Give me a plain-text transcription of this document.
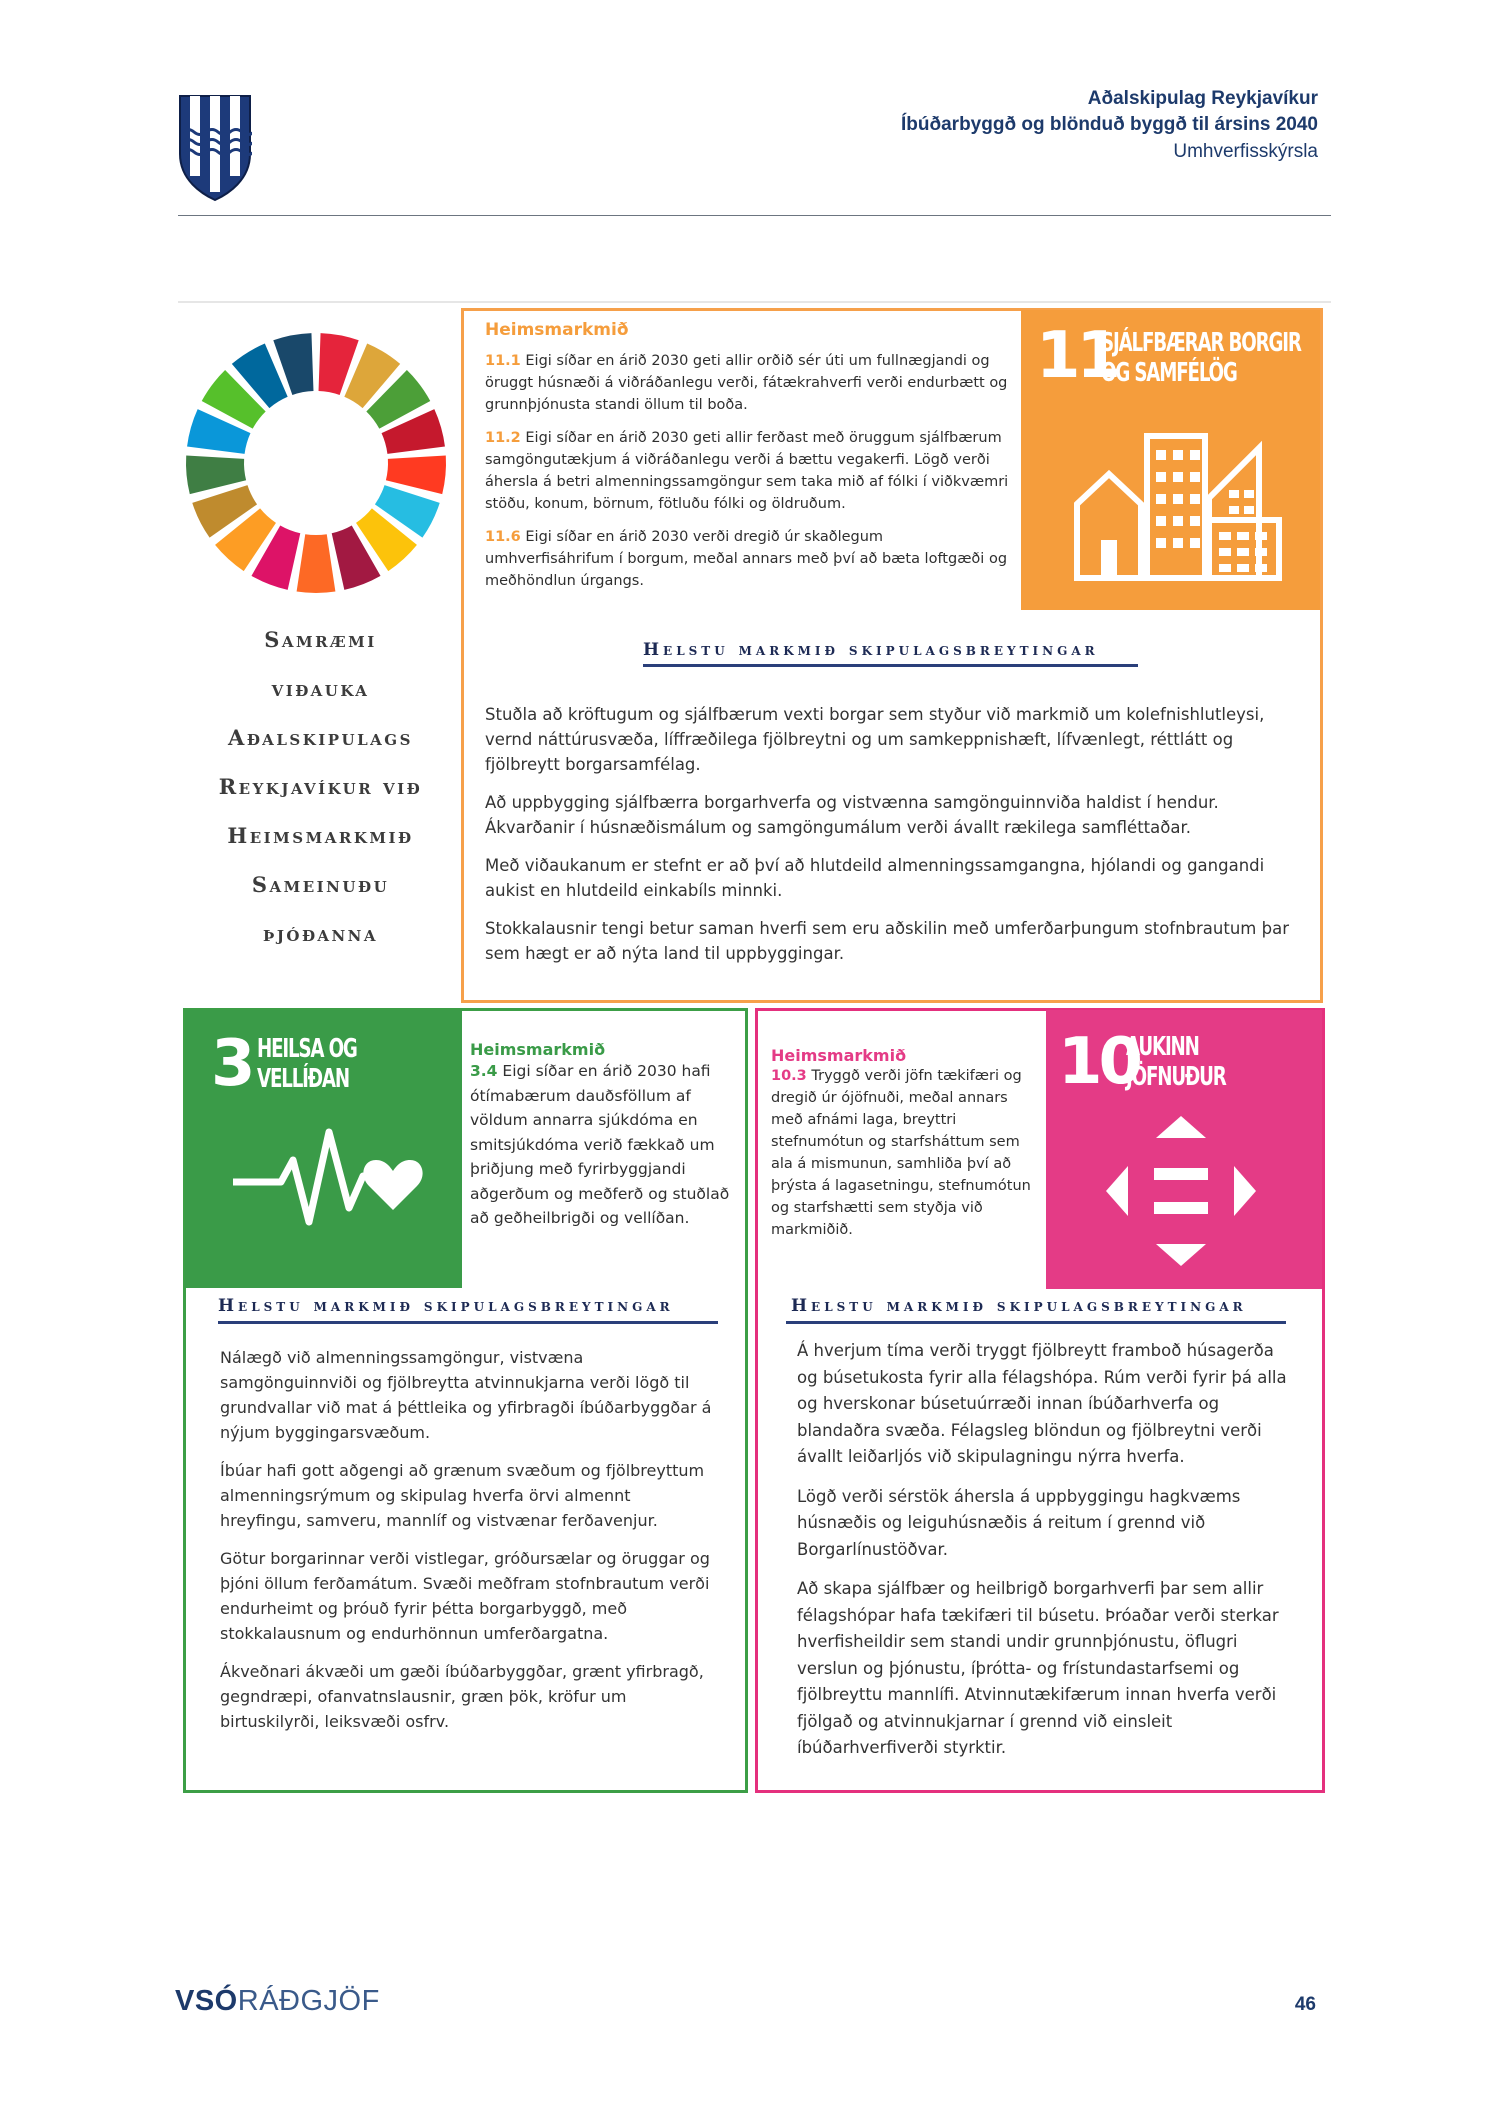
Aðalskipulag Reykjavíkur
Íbúðarbyggð og blönduð byggð til ársins 2040
Umhverfisskýrsla
Samræmi
viðauka
Aðalskipulags
Reykjavíkur við
Heimsmarkmið
Sameinuðu
þjóðanna
11
SJÁLFBÆRAR BORGIR
OG SAMFÉLÖG
Heimsmarkmið

11.1 Eigi síðar en árið 2030 geti allir orðið sér úti um fullnægjandi og öruggt húsnæði á viðráðanlegu verði, fátækrahverfi verði endurbætt og grunnþjónusta standi öllum til boða.

11.2 Eigi síðar en árið 2030 geti allir ferðast með öruggum sjálfbærum samgöngutækjum á viðráðanlegu verði á bættu vegakerfi. Lögð verði áhersla á betri almenningssamgöngur sem taka mið af fólki í viðkvæmri stöðu, konum, börnum, fötluðu fólki og öldruðum.

11.6 Eigi síðar en árið 2030 verði dregið úr skaðlegum umhverfisáhrifum í borgum, meðal annars með því að bæta loftgæði og meðhöndlun úrgangs.

Helstu markmið skipulagsbreytingar

Stuðla að kröftugum og sjálfbærum vexti borgar sem styður við markmið um kolefnishlutleysi, vernd náttúrusvæða, líffræðilega fjölbreytni og um samkeppnishæft, lífvænlegt, réttlátt og fjölbreytt borgarsamfélag.

Að uppbygging sjálfbærra borgarhverfa og vistvænna samgönguinnviða haldist í hendur. Ákvarðanir í húsnæðismálum og samgöngumálum verði ávallt rækilega samfléttaðar.

Með viðaukanum er stefnt er að því að hlutdeild almenningssamgangna, hjólandi og gangandi aukist en hlutdeild einkabíls minnki.

Stokkalausnir tengi betur saman hverfi sem eru aðskilin með umferðarþungum stofnbrautum þar sem hægt er að nýta land til uppbyggingar.

3 HEILSA OG
VELLÍÐAN
Heimsmarkmið

3.4 Eigi síðar en árið 2030 hafi ótímabærum dauðsföllum af völdum annarra sjúkdóma en smitsjúkdóma verið fækkað um þriðjung með fyrirbyggjandi aðgerðum og meðferð og stuðlað að geðheilbrigði og vellíðan.

Helstu markmið skipulagsbreytingar

Nálægð við almenningssamgöngur, vistvæna samgönguinnviði og fjölbreytta atvinnukjarna verði lögð til grundvallar við mat á þéttleika og yfirbragði íbúðarbyggðar á nýjum byggingarsvæðum.

Íbúar hafi gott aðgengi að grænum svæðum og fjölbreyttum almenningsrýmum og skipulag hverfa örvi almennt hreyfingu, samveru, mannlíf og vistvænar ferðavenjur.

Götur borgarinnar verði vistlegar, gróðursælar og öruggar og þjóni öllum ferðamátum. Svæði meðfram stofnbrautum verði endurheimt og þróuð fyrir þétta borgarbyggð, með stokkalausnum og endurhönnun umferðargatna.

Ákveðnari ákvæði um gæði íbúðarbyggðar, grænt yfirbragð, gegndræpi, ofanvatnslausnir, græn þök, kröfur um birtuskilyrði, leiksvæði osfrv.

10
AUKINN
JÖFNUÐUR
Heimsmarkmið

10.3 Tryggð verði jöfn tækifæri og dregið úr ójöfnuði, meðal annars með afnámi laga, breyttri stefnumótun og starfsháttum sem ala á mismunun, samhliða því að þrýsta á lagasetningu, stefnumótun og starfshætti sem styðja við markmiðið.

Helstu markmið skipulagsbreytingar

Á hverjum tíma verði tryggt fjölbreytt framboð húsagerða og búsetukosta fyrir alla félagshópa. Rúm verði fyrir þá alla og hverskonar búsetuúrræði innan íbúðarhverfa og blandaðra svæða. Félagsleg blöndun og fjölbreytni verði ávallt leiðarljós við skipulagningu nýrra hverfa.

Lögð verði sérstök áhersla á uppbyggingu hagkvæms húsnæðis og leiguhúsnæðis á reitum í grennd við Borgarlínustöðvar.

Að skapa sjálfbær og heilbrigð borgarhverfi þar sem allir félagshópar hafa tækifæri til búsetu. Þróaðar verði sterkar hverfisheildir sem standi undir grunnþjónustu, öflugri verslun og þjónustu, íþrótta- og frístundastarfsemi og fjölbreyttu mannlífi. Atvinnutækifærum innan hverfa verði fjölgað og atvinnukjarnar í grennd við einsleit íbúðarhverfiverði styrktir.

VSÓRÁÐGJÖF	46
